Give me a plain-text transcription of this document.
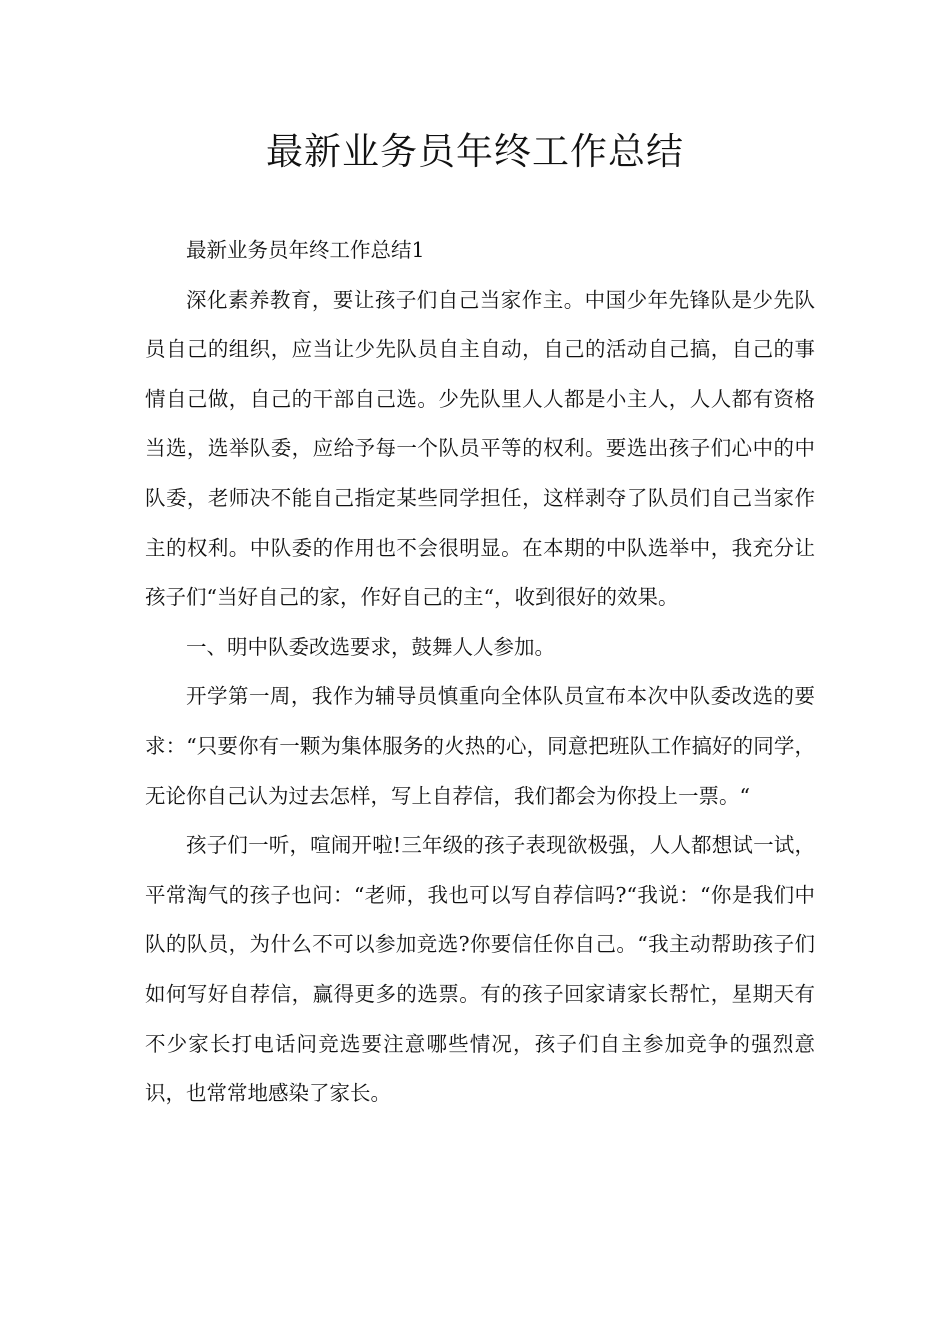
最新业务员年终工作总结

最新业务员年终工作总结1

深化素养教育，要让孩子们自己当家作主。中国少年先锋队是少先队员自己的组织，应当让少先队员自主自动，自己的活动自己搞，自己的事情自己做，自己的干部自己选。少先队里人人都是小主人，人人都有资格当选，选举队委，应给予每一个队员平等的权利。要选出孩子们心中的中队委，老师决不能自己指定某些同学担任，这样剥夺了队员们自己当家作主的权利。中队委的作用也不会很明显。在本期的中队选举中，我充分让孩子们“当好自己的家，作好自己的主“，收到很好的效果。

一、明中队委改选要求，鼓舞人人参加。

开学第一周，我作为辅导员慎重向全体队员宣布本次中队委改选的要求：“只要你有一颗为集体服务的火热的心，同意把班队工作搞好的同学，无论你自己认为过去怎样，写上自荐信，我们都会为你投上一票。“

孩子们一听，喧闹开啦!三年级的孩子表现欲极强，人人都想试一试，平常淘气的孩子也问：“老师，我也可以写自荐信吗?“我说：“你是我们中队的队员，为什么不可以参加竞选?你要信任你自己。“我主动帮助孩子们如何写好自荐信，赢得更多的选票。有的孩子回家请家长帮忙，星期天有不少家长打电话问竞选要注意哪些情况，孩子们自主参加竞争的强烈意识，也常常地感染了家长。
